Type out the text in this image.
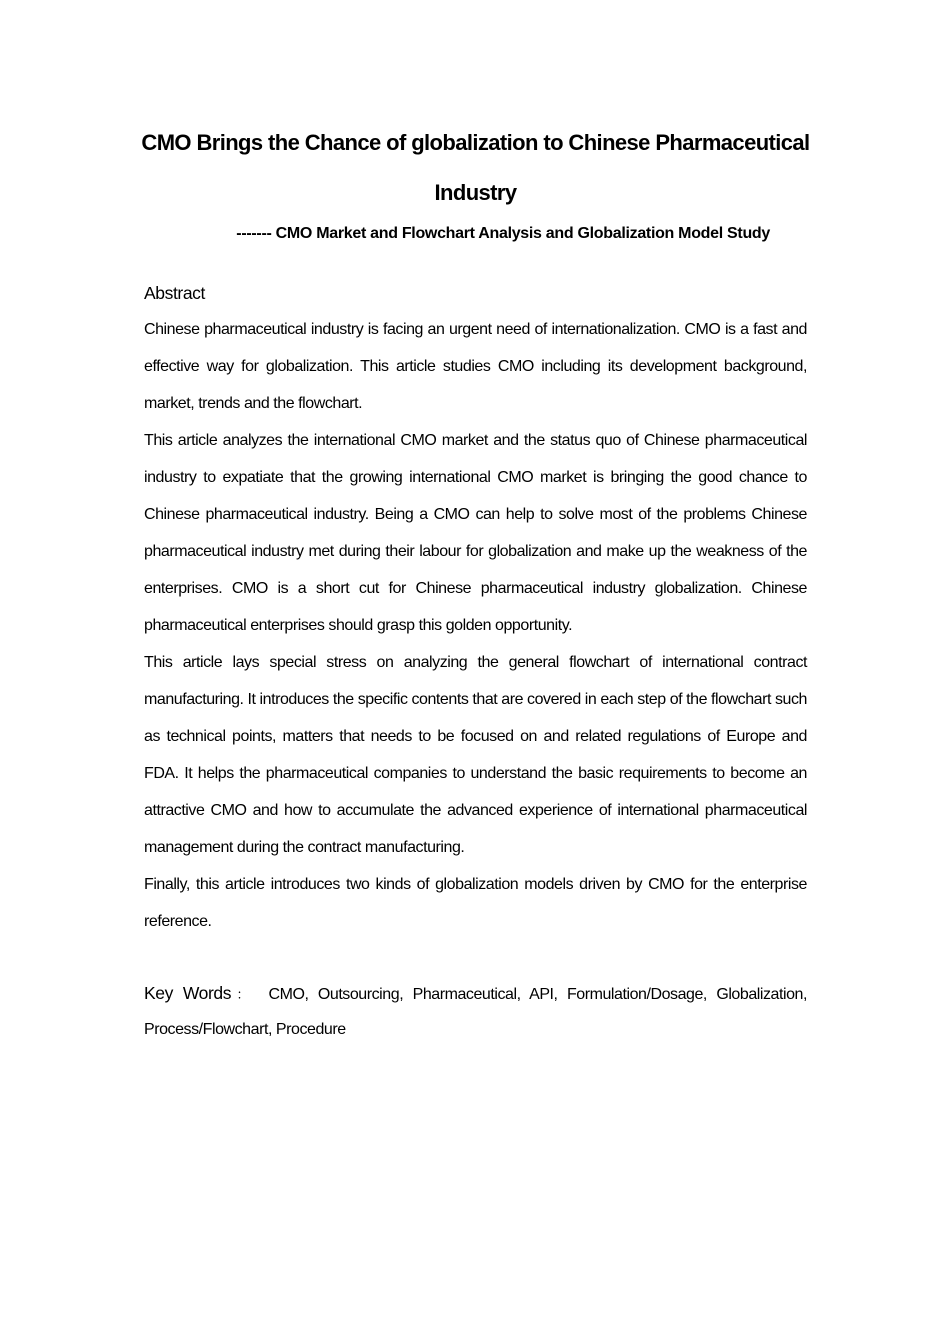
CMO Brings the Chance of globalization to Chinese Pharmaceutical Industry
------- CMO Market and Flowchart Analysis and Globalization Model Study
Abstract

Chinese pharmaceutical industry is facing an urgent need of internationalization. CMO is a fast and effective way for globalization. This article studies CMO including its development background, market, trends and the flowchart.

This article analyzes the international CMO market and the status quo of Chinese pharmaceutical industry to expatiate that the growing international CMO market is bringing the good chance to Chinese pharmaceutical industry. Being a CMO can help to solve most of the problems Chinese pharmaceutical industry met during their labour for globalization and make up the weakness of the enterprises. CMO is a short cut for Chinese pharmaceutical industry globalization. Chinese pharmaceutical enterprises should grasp this golden opportunity.

This article lays special stress on analyzing the general flowchart of international contract manufacturing. It introduces the specific contents that are covered in each step of the flowchart such as technical points, matters that needs to be focused on and related regulations of Europe and FDA. It helps the pharmaceutical companies to understand the basic requirements to become an attractive CMO and how to accumulate the advanced experience of international pharmaceutical management during the contract manufacturing.

Finally, this article introduces two kinds of globalization models driven by CMO for the enterprise reference.

Key Words： CMO, Outsourcing, Pharmaceutical, API, Formulation/Dosage, Globalization, Process/Flowchart, Procedure
